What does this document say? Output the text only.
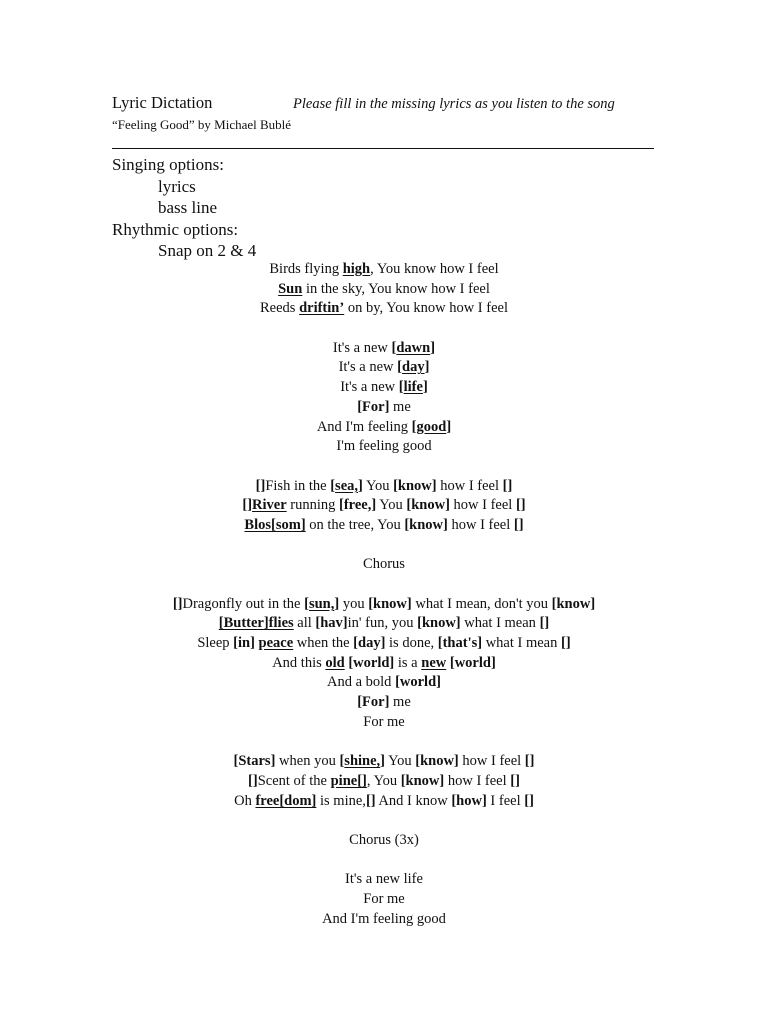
Lyric Dictation	Please fill in the missing lyrics as you listen to the song
“Feeling Good” by Michael Bublé
Singing options:
lyrics
bass line
Rhythmic options:
Snap on 2 & 4
Birds flying high, You know how I feel
Sun in the sky, You know how I feel
Reeds driftin’ on by, You know how I feel
It's a new [dawn]
It's a new [day]
It's a new [life]
[For] me
And I'm feeling [good]
I'm feeling good
[]Fish in the [sea,] You [know] how I feel []
[]River running [free,] You [know] how I feel []
Blos[som] on the tree, You [know] how I feel []
Chorus
[]Dragonfly out in the [sun,] you [know] what I mean, don't you [know]
[Butter]flies all [hav]in' fun, you [know] what I mean []
Sleep [in] peace when the [day] is done, [that's] what I mean []
And this old [world] is a new [world]
And a bold [world]
[For] me
For me
[Stars] when you [shine,] You [know] how I feel []
[]Scent of the pine[], You [know] how I feel []
Oh free[dom] is mine,[] And I know [how] I feel []
Chorus (3x)
It's a new life
For me
And I'm feeling good
